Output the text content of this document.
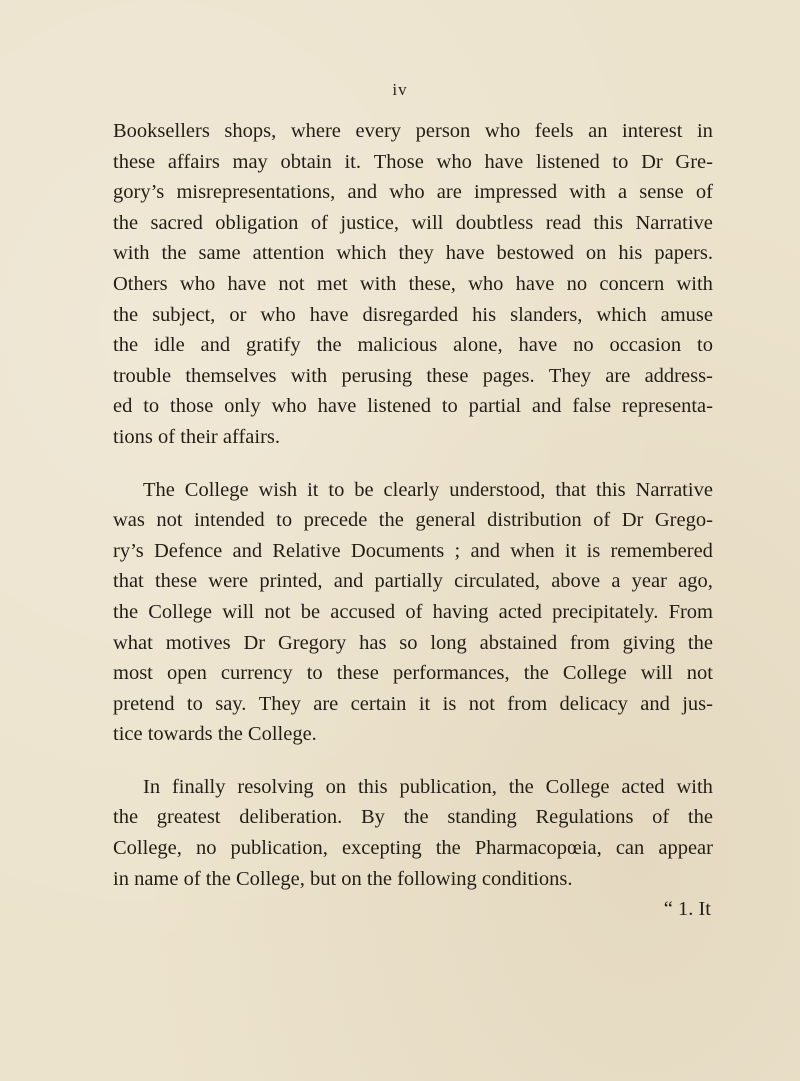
iv
Booksellers shops, where every person who feels an interest in
these affairs may obtain it. Those who have listened to Dr Gre-
gory’s misrepresentations, and who are impressed with a sense of
the sacred obligation of justice, will doubtless read this Narrative
with the same attention which they have bestowed on his papers.
Others who have not met with these, who have no concern with
the subject, or who have disregarded his slanders, which amuse
the idle and gratify the malicious alone, have no occasion to
trouble themselves with perusing these pages. They are address-
ed to those only who have listened to partial and false representa-
tions of their affairs.
The College wish it to be clearly understood, that this Narrative
was not intended to precede the general distribution of Dr Grego-
ry’s Defence and Relative Documents ; and when it is remembered
that these were printed, and partially circulated, above a year ago,
the College will not be accused of having acted precipitately. From
what motives Dr Gregory has so long abstained from giving the
most open currency to these performances, the College will not
pretend to say. They are certain it is not from delicacy and jus-
tice towards the College.
In finally resolving on this publication, the College acted with
the greatest deliberation. By the standing Regulations of the
College, no publication, excepting the Pharmacopœia, can appear
in name of the College, but on the following conditions.
“ 1. It
